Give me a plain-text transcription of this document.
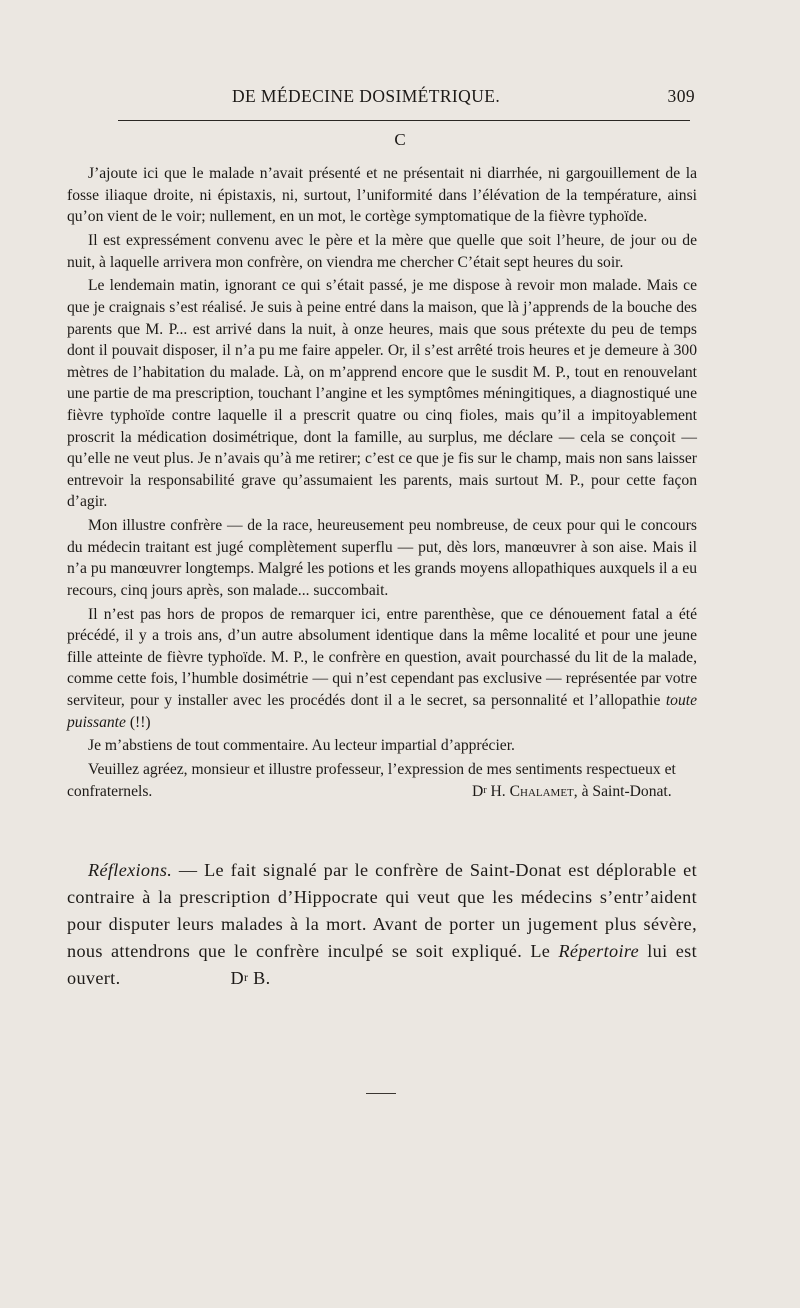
DE MÉDECINE DOSIMÉTRIQUE.	309
C

J’ajoute ici que le malade n’avait présenté et ne présentait ni diarrhée, ni gargouillement de la fosse iliaque droite, ni épistaxis, ni, surtout, l’uniformité dans l’élévation de la température, ainsi qu’on vient de le voir; nullement, en un mot, le cortège symptomatique de la fièvre typhoïde.

Il est expressément convenu avec le père et la mère que quelle que soit l’heure, de jour ou de nuit, à laquelle arrivera mon confrère, on viendra me chercher C’était sept heures du soir.

Le lendemain matin, ignorant ce qui s’était passé, je me dispose à revoir mon malade. Mais ce que je craignais s’est réalisé. Je suis à peine entré dans la maison, que là j’apprends de la bouche des parents que M. P... est arrivé dans la nuit, à onze heures, mais que sous prétexte du peu de temps dont il pouvait disposer, il n’a pu me faire appeler. Or, il s’est arrêté trois heures et je demeure à 300 mètres de l’habitation du malade. Là, on m’apprend encore que le susdit M. P., tout en renouvelant une partie de ma prescription, touchant l’angine et les symptômes méningitiques, a diagnostiqué une fièvre typhoïde contre laquelle il a prescrit quatre ou cinq fioles, mais qu’il a impitoyablement proscrit la médication dosimétrique, dont la famille, au surplus, me déclare — cela se conçoit — qu’elle ne veut plus. Je n’avais qu’à me retirer; c’est ce que je fis sur le champ, mais non sans laisser entrevoir la responsabilité grave qu’assumaient les parents, mais surtout M. P., pour cette façon d’agir.

Mon illustre confrère — de la race, heureusement peu nombreuse, de ceux pour qui le concours du médecin traitant est jugé complètement superflu — put, dès lors, manœuvrer à son aise. Mais il n’a pu manœuvrer longtemps. Malgré les potions et les grands moyens allopathiques auxquels il a eu recours, cinq jours après, son malade... succombait.

Il n’est pas hors de propos de remarquer ici, entre parenthèse, que ce dénouement fatal a été précédé, il y a trois ans, d’un autre absolument identique dans la même localité et pour une jeune fille atteinte de fièvre typhoïde. M. P., le confrère en question, avait pourchassé du lit de la malade, comme cette fois, l’humble dosimétrie — qui n’est cependant pas exclusive — représentée par votre serviteur, pour y installer avec les procédés dont il a le secret, sa personnalité et l’allopathie toute puissante (!!)

Je m’abstiens de tout commentaire. Au lecteur impartial d’apprécier.

Veuillez agréez, monsieur et illustre professeur, l’expression de mes sentiments respectueux et confraternels.	$D^r$ H. Chalamet, à Saint-Donat.

Réflexions. — Le fait signalé par le confrère de Saint-Donat est déplorable et contraire à la prescription d’Hippocrate qui veut que les médecins s’entr’aident pour disputer leurs malades à la mort. Avant de porter un jugement plus sévère, nous attendrons que le confrère inculpé se soit expliqué. Le Répertoire lui est ouvert.	$D^r$ B.
